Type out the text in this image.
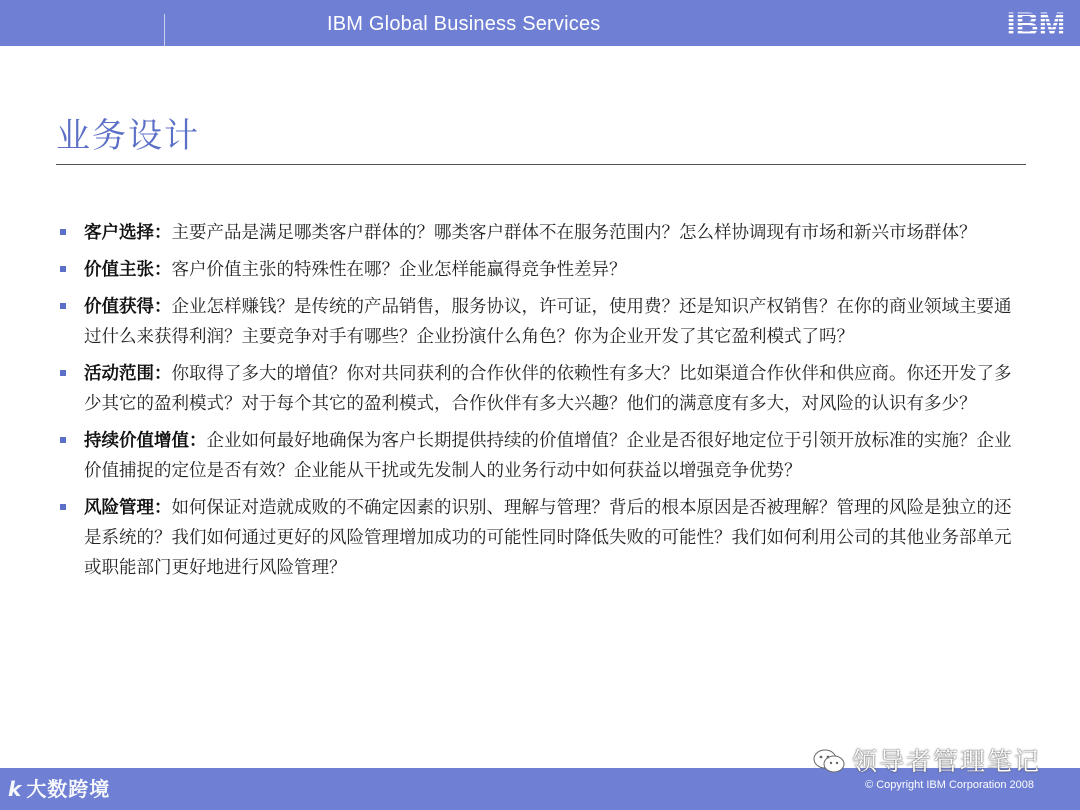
IBM Global Business Services	IBM
业务设计
客户选择：主要产品是满足哪类客户群体的？哪类客户群体不在服务范围内？怎么样协调现有市场和新兴市场群体？
价值主张：客户价值主张的特殊性在哪？企业怎样能赢得竞争性差异？
价值获得：企业怎样赚钱？是传统的产品销售，服务协议，许可证，使用费？还是知识产权销售？在你的商业领域主要通过什么来获得利润？主要竞争对手有哪些？企业扮演什么角色？你为企业开发了其它盈利模式了吗？
活动范围：你取得了多大的增值？你对共同获利的合作伙伴的依赖性有多大？比如渠道合作伙伴和供应商。你还开发了多少其它的盈利模式？对于每个其它的盈利模式，合作伙伴有多大兴趣？他们的满意度有多大，对风险的认识有多少？
持续价值增值：企业如何最好地确保为客户长期提供持续的价值增值？企业是否很好地定位于引领开放标准的实施？企业价值捕捉的定位是否有效？企业能从干扰或先发制人的业务行动中如何获益以增强竞争优势？
风险管理：如何保证对造就成败的不确定因素的识别、理解与管理？背后的根本原因是否被理解？管理的风险是独立的还是系统的？我们如何通过更好的风险管理增加成功的可能性同时降低失败的可能性？我们如何利用公司的其他业务部单元或职能部门更好地进行风险管理？
© Copyright IBM Corporation 2008
k 大数跨境
领导者管理笔记
